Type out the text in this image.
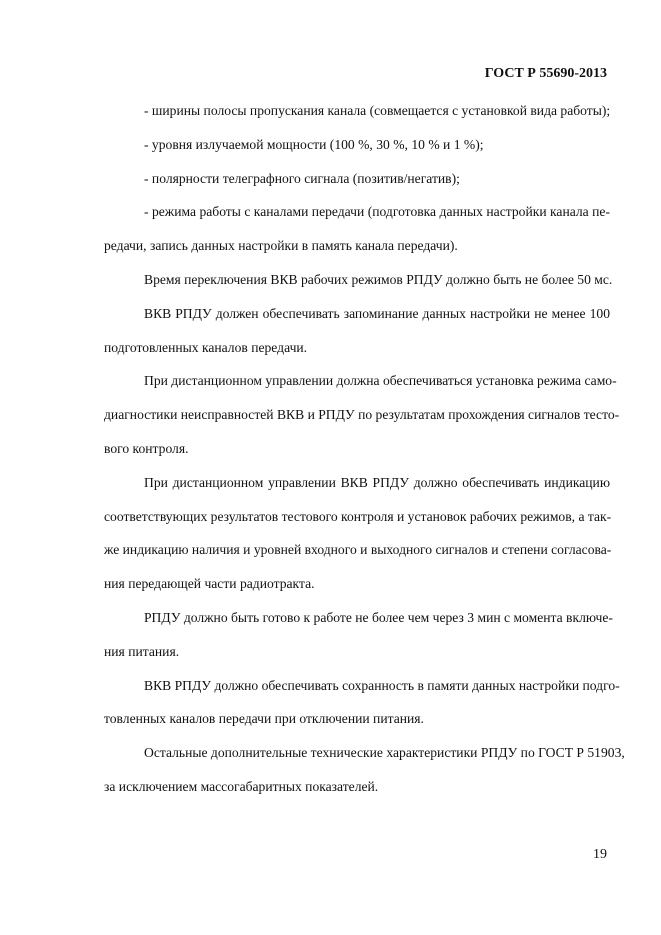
ГОСТ Р 55690-2013
- ширины полосы пропускания канала (совмещается с установкой вида работы);
- уровня излучаемой мощности (100 %, 30 %, 10 % и 1 %);
- полярности телеграфного сигнала (позитив/негатив);
- режима работы с каналами передачи (подготовка данных настройки канала пе-
редачи, запись данных настройки в память канала передачи).
Время переключения ВКВ рабочих режимов РПДУ должно быть не более 50 мс.
ВКВ РПДУ должен обеспечивать запоминание данных настройки не менее 100
подготовленных каналов передачи.
При дистанционном управлении должна обеспечиваться установка режима само-
диагностики неисправностей ВКВ и РПДУ по результатам прохождения сигналов тесто-
вого контроля.
При дистанционном управлении ВКВ РПДУ должно обеспечивать индикацию
соответствующих результатов тестового контроля и установок рабочих режимов, а так-
же индикацию наличия и уровней входного и выходного сигналов и степени согласова-
ния передающей части радиотракта.
РПДУ должно быть готово к работе не более чем через 3 мин с момента включе-
ния питания.
ВКВ РПДУ должно обеспечивать сохранность в памяти данных настройки подго-
товленных каналов передачи при отключении питания.
Остальные дополнительные технические характеристики РПДУ по ГОСТ Р 51903,
за исключением массогабаритных показателей.
19
